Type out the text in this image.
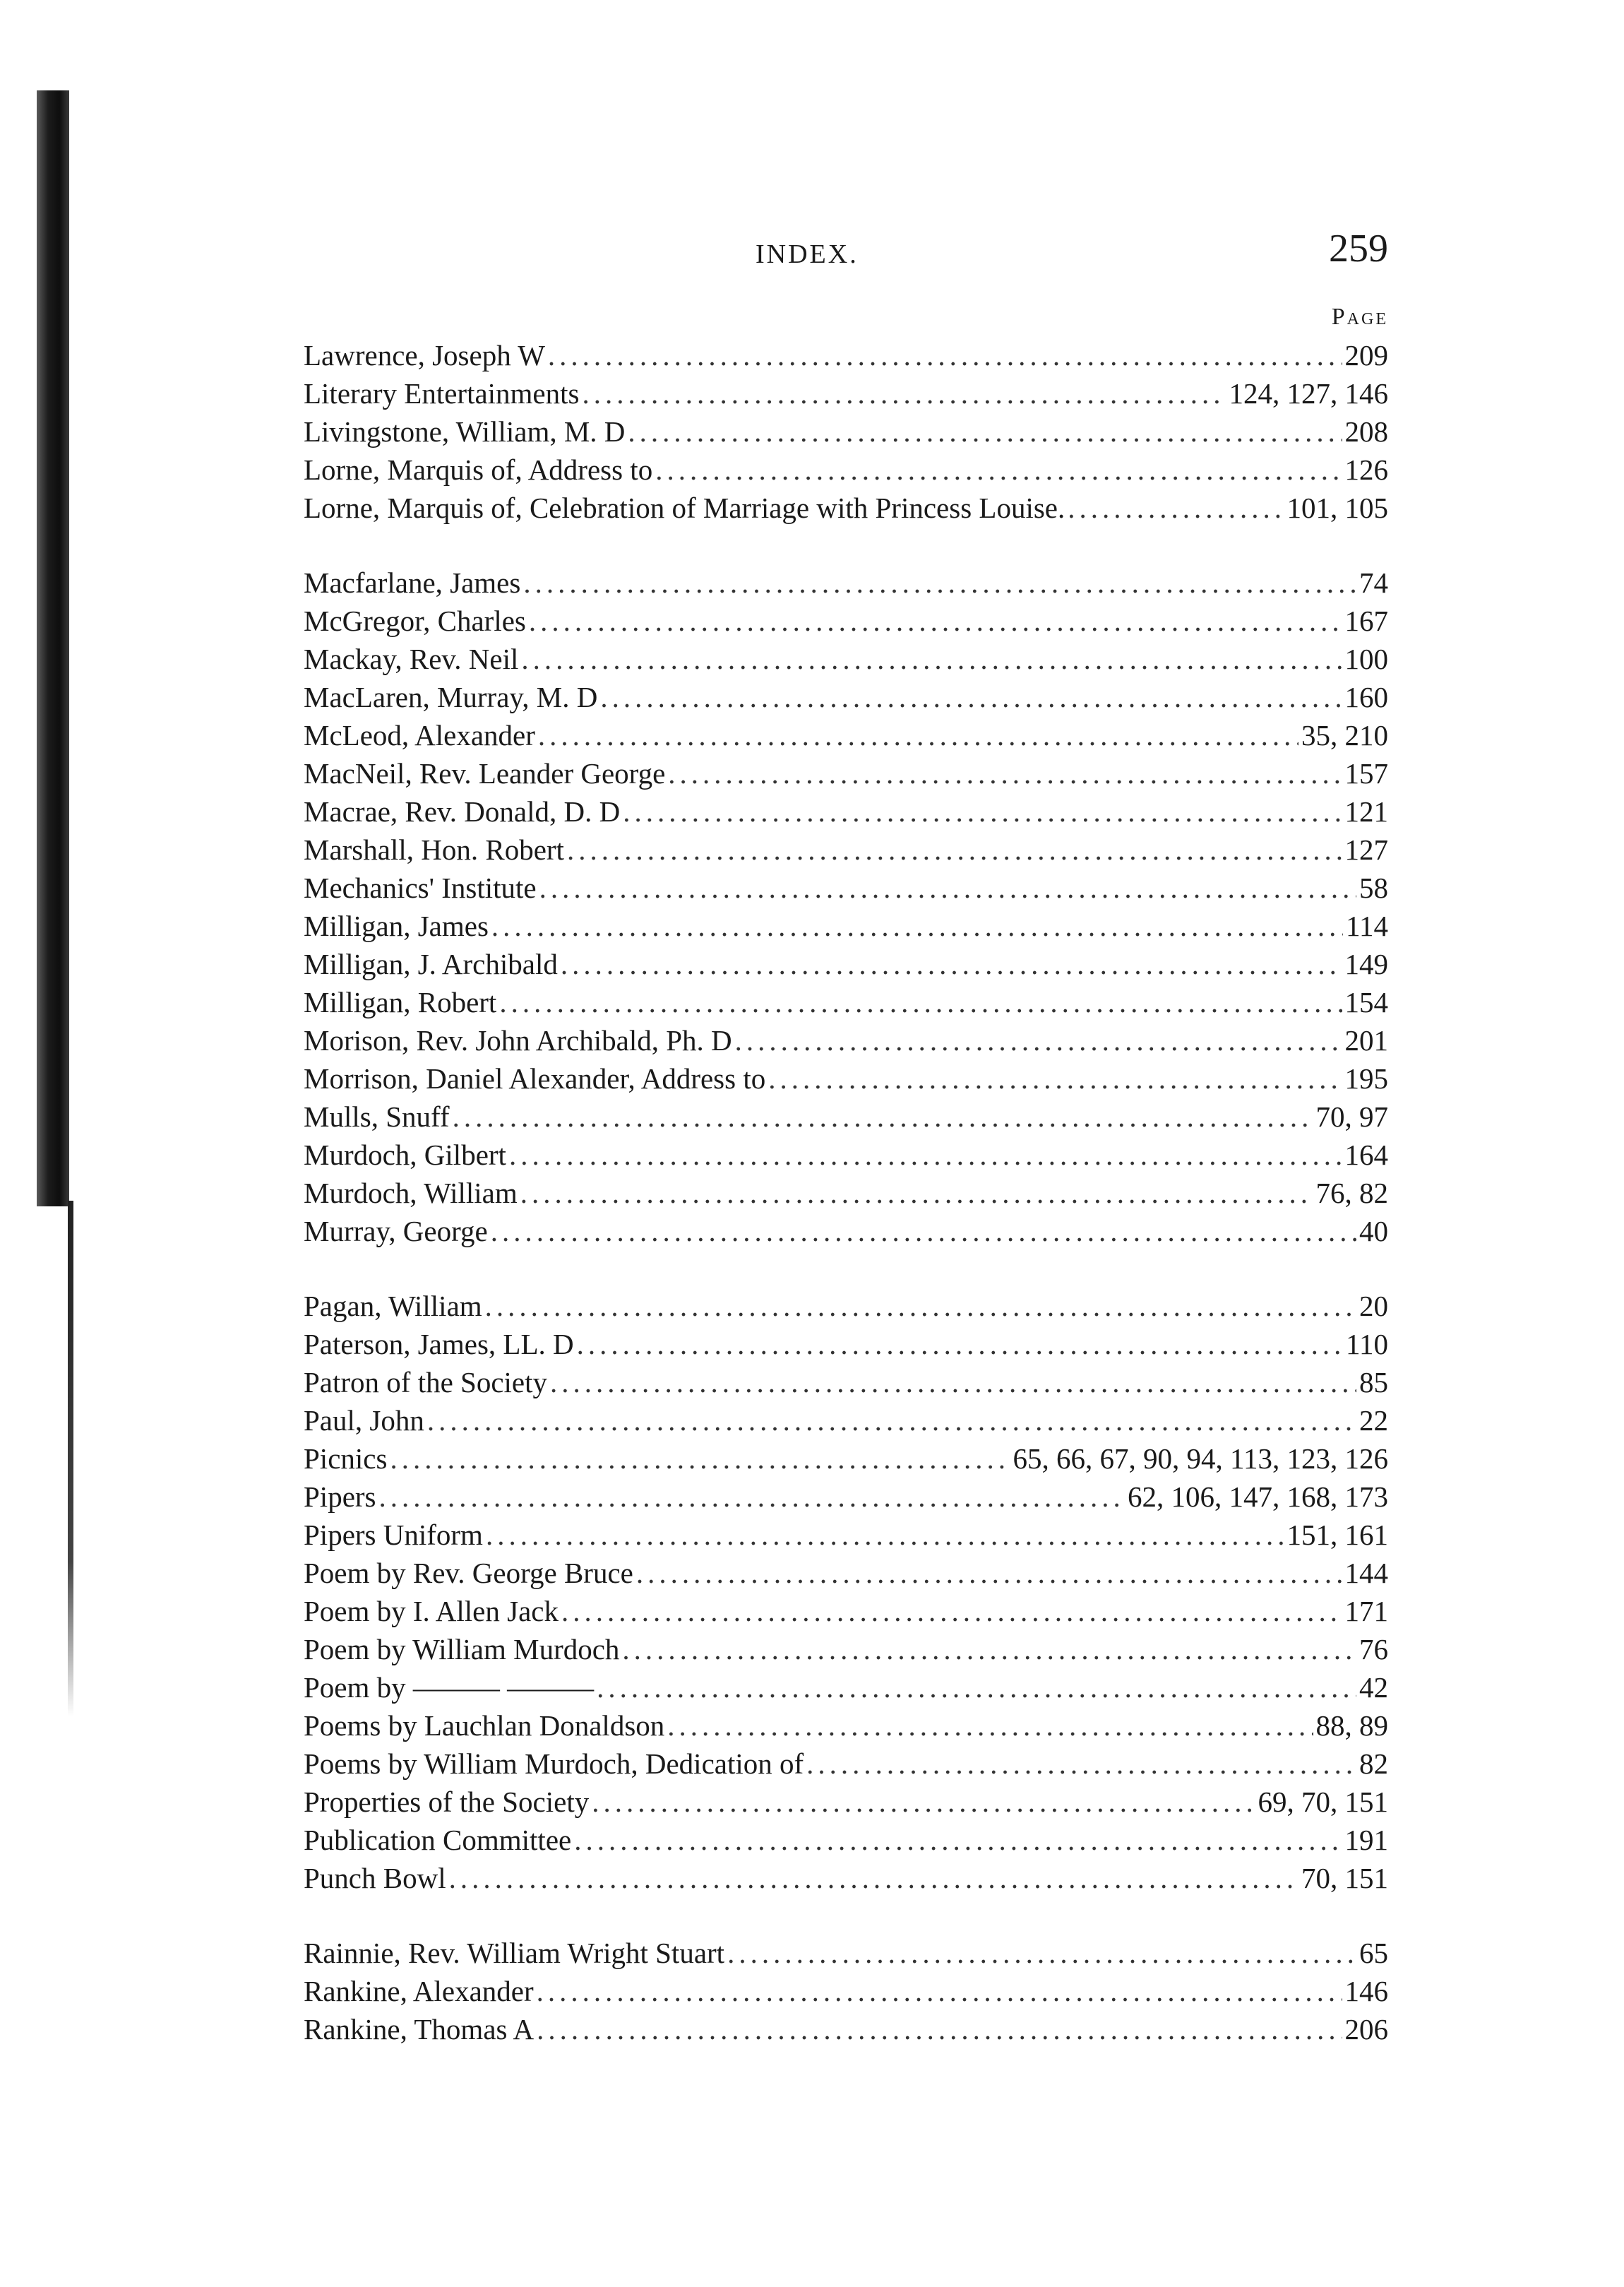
INDEX.	259
Page
Lawrence, Joseph W .....	209
Literary Entertainments .....	124, 127, 146
Livingstone, William, M. D .....	208
Lorne, Marquis of, Address to .....	126
Lorne, Marquis of, Celebration of Marriage with Princess Louise. .....	101, 105
Macfarlane, James .....	74
McGregor, Charles .....	167
Mackay, Rev. Neil .....	100
MacLaren, Murray, M. D .....	160
McLeod, Alexander .....	35, 210
MacNeil, Rev. Leander George .....	157
Macrae, Rev. Donald, D. D .....	121
Marshall, Hon. Robert .....	127
Mechanics' Institute .....	58
Milligan, James .....	114
Milligan, J. Archibald .....	149
Milligan, Robert .....	154
Morison, Rev. John Archibald, Ph. D .....	201
Morrison, Daniel Alexander, Address to .....	195
Mulls, Snuff .....	70, 97
Murdoch, Gilbert .....	164
Murdoch, William .....	76, 82
Murray, George .....	40
Pagan, William .....	20
Paterson, James, LL. D .....	110
Patron of the Society .....	85
Paul, John .....	22
Picnics .....	65, 66, 67, 90, 94, 113, 123, 126
Pipers .....	62, 106, 147, 168, 173
Pipers Uniform .....	151, 161
Poem by Rev. George Bruce .....	144
Poem by I. Allen Jack .....	171
Poem by William Murdoch .....	76
Poem by ——— ——— .....	42
Poems by Lauchlan Donaldson .....	88, 89
Poems by William Murdoch, Dedication of .....	82
Properties of the Society .....	69, 70, 151
Publication Committee .....	191
Punch Bowl .....	70, 151
Rainnie, Rev. William Wright Stuart .....	65
Rankine, Alexander .....	146
Rankine, Thomas A .....	206
